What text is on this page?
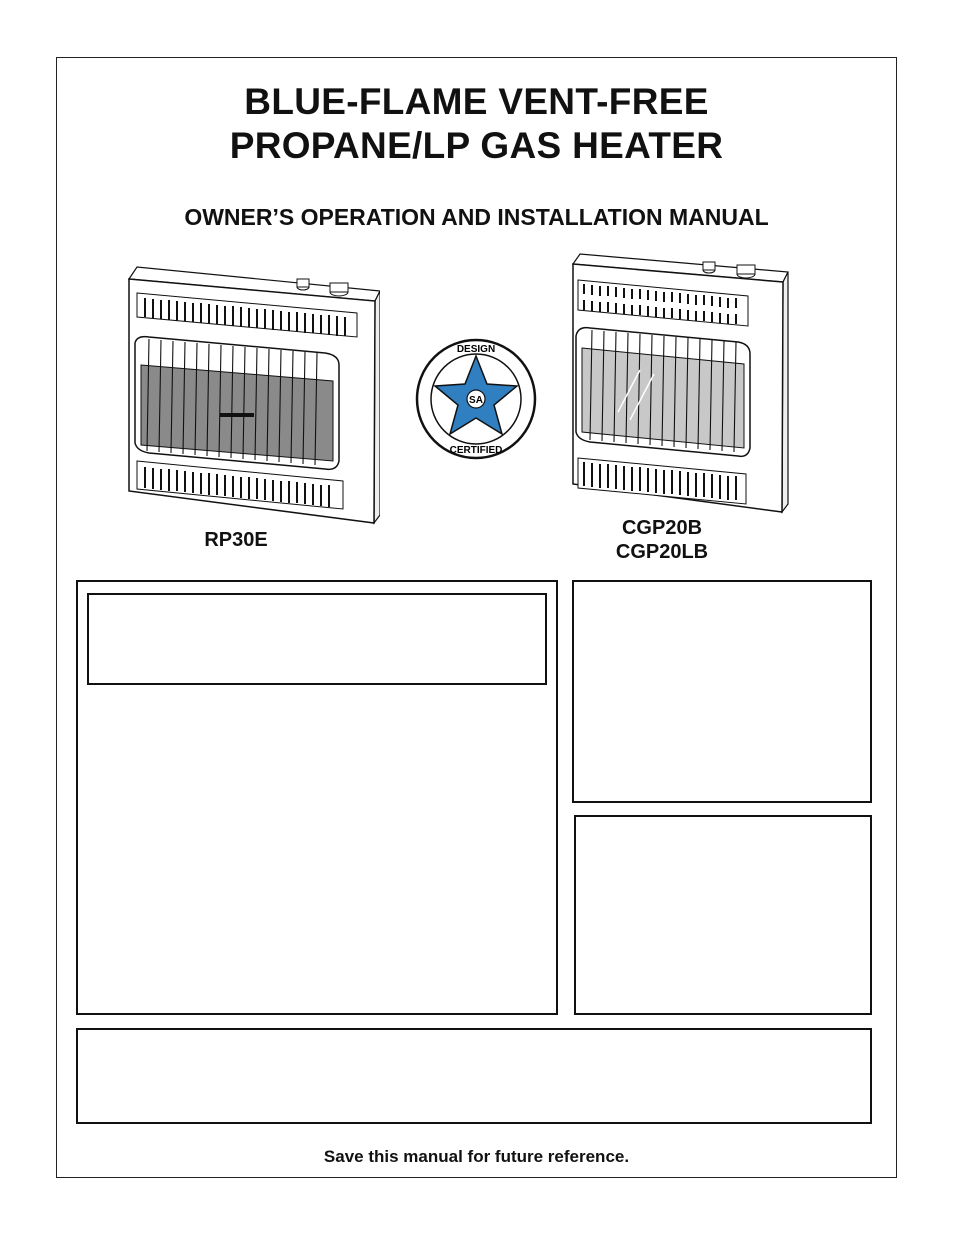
BLUE-FLAME VENT-FREE
PROPANE/LP GAS HEATER
OWNER’S OPERATION AND INSTALLATION MANUAL
SA
DESIGN
CERTIFIED
RP30E
CGP20B
CGP20LB
Save this manual for future reference.
